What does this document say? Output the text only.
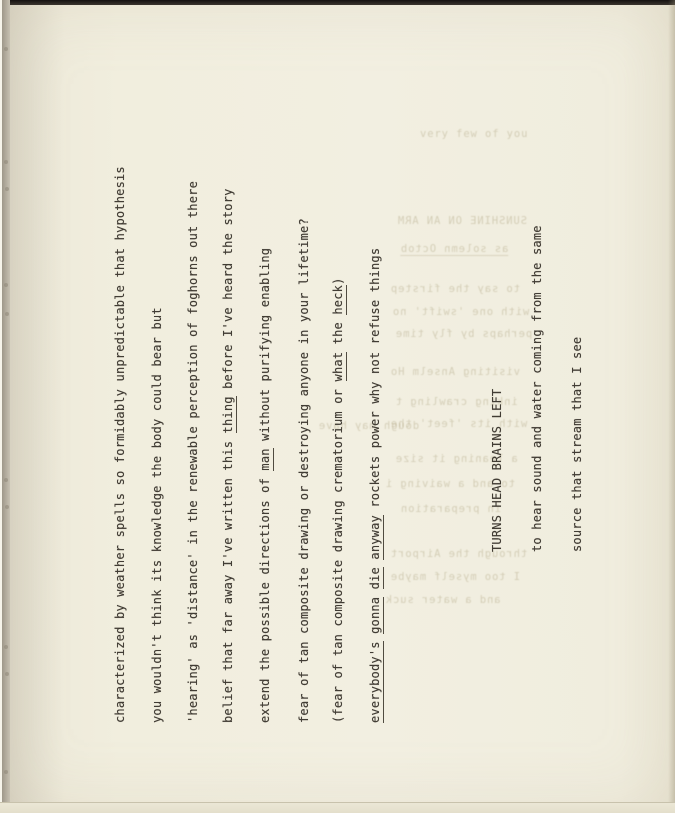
very few of you
SUNSHINE ON AN ARM
as solemn Octob
to say the firstep
with one 'swift' no
perhaps by fly time
visiting Anselm Ho
inking crawling t
with its 'feet' the
dough may have
a leaning it size
to and a waiving i
in preparation
through the Airport
I too myself maybe
and a water suck
characterized by weather spells so formidably unpredictable that hypothesis you wouldn't think its knowledge the body could bear but 'hearing' as 'distance' in the renewable perception of foghorns out there belief that far away I've written this thing before I've heard the story
extend the possible directions of man without purifying enabling fear of tan composite drawing or destroying anyone in your lifetime? (fear of tan composite drawing crematorium or what the heck)
everybody's gonna die anyway rockets power why not refuse things	TURNS HEAD BRAINS LEFT to hear sound and water coming from the same source that stream that I see
